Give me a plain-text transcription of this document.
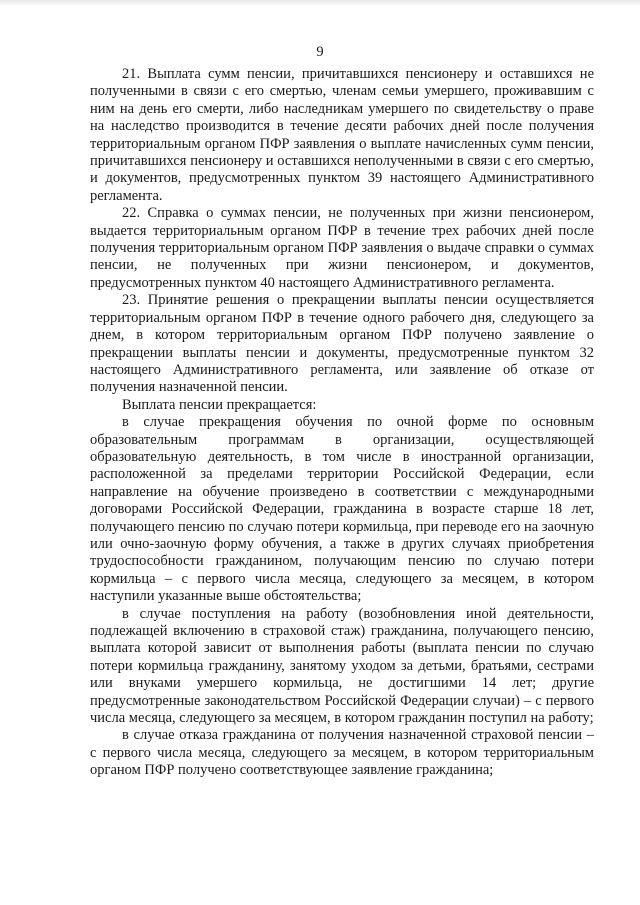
9

21. Выплата сумм пенсии, причитавшихся пенсионеру и оставшихся не полученными в связи с его смертью, членам семьи умершего, проживавшим с ним на день его смерти, либо наследникам умершего по свидетельству о праве на наследство производится в течение десяти рабочих дней после получения территориальным органом ПФР заявления о выплате начисленных сумм пенсии, причитавшихся пенсионеру и оставшихся неполученными в связи с его смертью, и документов, предусмотренных пунктом 39 настоящего Административного регламента.

22. Справка о суммах пенсии, не полученных при жизни пенсионером, выдается территориальным органом ПФР в течение трех рабочих дней после получения территориальным органом ПФР заявления о выдаче справки о суммах пенсии, не полученных при жизни пенсионером, и документов, предусмотренных пунктом 40 настоящего Административного регламента.

23. Принятие решения о прекращении выплаты пенсии осуществляется территориальным органом ПФР в течение одного рабочего дня, следующего за днем, в котором территориальным органом ПФР получено заявление о прекращении выплаты пенсии и документы, предусмотренные пунктом 32 настоящего Административного регламента, или заявление об отказе от получения назначенной пенсии.

Выплата пенсии прекращается:

в случае прекращения обучения по очной форме по основным образовательным программам в организации, осуществляющей образовательную деятельность, в том числе в иностранной организации, расположенной за пределами территории Российской Федерации, если направление на обучение произведено в соответствии с международными договорами Российской Федерации, гражданина в возрасте старше 18 лет, получающего пенсию по случаю потери кормильца, при переводе его на заочную или очно-заочную форму обучения, а также в других случаях приобретения трудоспособности гражданином, получающим пенсию по случаю потери кормильца – с первого числа месяца, следующего за месяцем, в котором наступили указанные выше обстоятельства;

в случае поступления на работу (возобновления иной деятельности, подлежащей включению в страховой стаж) гражданина, получающего пенсию, выплата которой зависит от выполнения работы (выплата пенсии по случаю потери кормильца гражданину, занятому уходом за детьми, братьями, сестрами или внуками умершего кормильца, не достигшими 14 лет; другие предусмотренные законодательством Российской Федерации случаи) – с первого числа месяца, следующего за месяцем, в котором гражданин поступил на работу;

в случае отказа гражданина от получения назначенной страховой пенсии – с первого числа месяца, следующего за месяцем, в котором территориальным органом ПФР получено соответствующее заявление гражданина;
